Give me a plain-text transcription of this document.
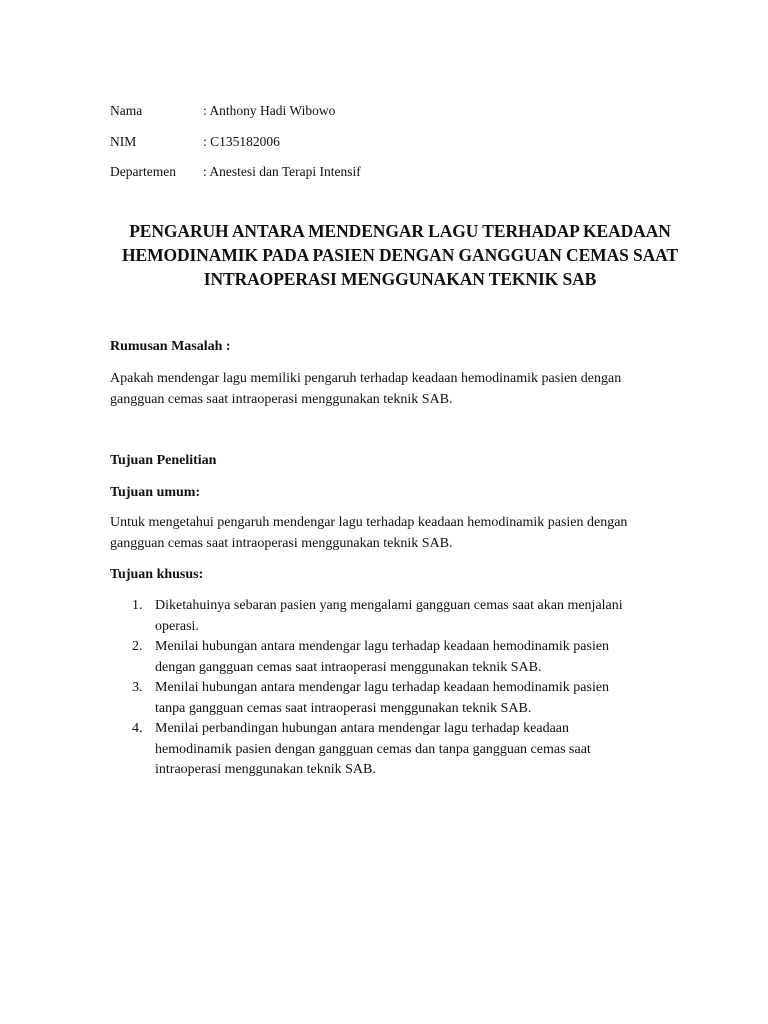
Nama	: Anthony Hadi Wibowo
NIM	: C135182006
Departemen : Anestesi dan Terapi Intensif
PENGARUH ANTARA MENDENGAR LAGU TERHADAP KEADAAN
HEMODINAMIK PADA PASIEN DENGAN GANGGUAN CEMAS SAAT
INTRAOPERASI MENGGUNAKAN TEKNIK SAB
Rumusan Masalah :
Apakah mendengar lagu memiliki pengaruh terhadap keadaan hemodinamik pasien dengan
gangguan cemas saat intraoperasi menggunakan teknik SAB.
Tujuan Penelitian
Tujuan umum:
Untuk mengetahui pengaruh mendengar lagu terhadap keadaan hemodinamik pasien dengan
gangguan cemas saat intraoperasi menggunakan teknik SAB.
Tujuan khusus:
1. Diketahuinya sebaran pasien yang mengalami gangguan cemas saat akan menjalani
operasi.
2. Menilai hubungan antara mendengar lagu terhadap keadaan hemodinamik pasien
dengan gangguan cemas saat intraoperasi menggunakan teknik SAB.
3. Menilai hubungan antara mendengar lagu terhadap keadaan hemodinamik pasien
tanpa gangguan cemas saat intraoperasi menggunakan teknik SAB.
4. Menilai perbandingan hubungan antara mendengar lagu terhadap keadaan
hemodinamik pasien dengan gangguan cemas dan tanpa gangguan cemas saat
intraoperasi menggunakan teknik SAB.
